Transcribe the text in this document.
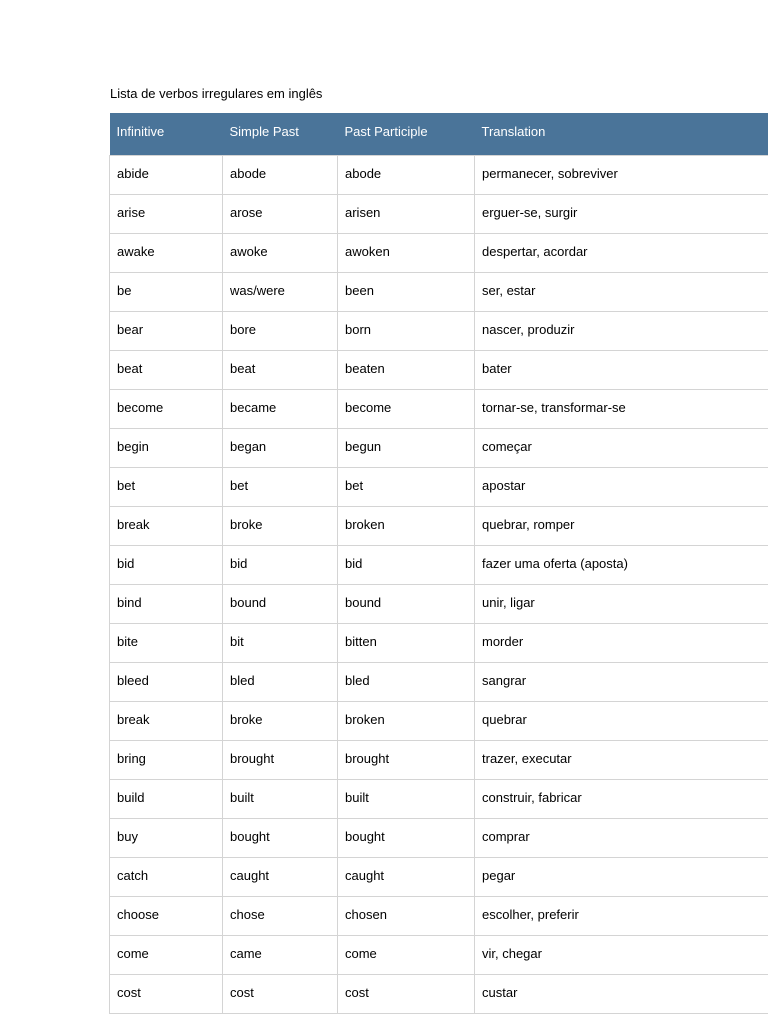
Lista de verbos irregulares em inglês
Infinitive	Simple Past	Past Participle	Translation
abide	abode	abode	permanecer, sobreviver
arise	arose	arisen	erguer-se, surgir
awake	awoke	awoken	despertar, acordar
be	was/were	been	ser, estar
bear	bore	born	nascer, produzir
beat	beat	beaten	bater
become	became	become	tornar-se, transformar-se
begin	began	begun	começar
bet	bet	bet	apostar
break	broke	broken	quebrar, romper
bid	bid	bid	fazer uma oferta (aposta)
bind	bound	bound	unir, ligar
bite	bit	bitten	morder
bleed	bled	bled	sangrar
break	broke	broken	quebrar
bring	brought	brought	trazer, executar
build	built	built	construir, fabricar
buy	bought	bought	comprar
catch	caught	caught	pegar
choose	chose	chosen	escolher, preferir
come	came	come	vir, chegar
cost	cost	cost	custar
